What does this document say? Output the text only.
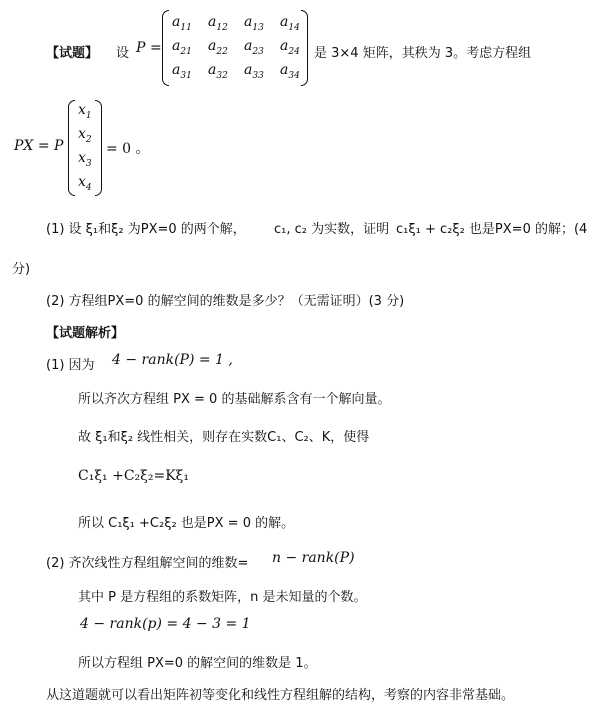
【试题】 设 P =
$a_{11}$	$a_{12}$	$a_{13}$	$a_{14}$
$a_{21}$	$a_{22}$	$a_{23}$	$a_{24}$
$a_{31}$	$a_{32}$	$a_{33}$	$a_{34}$
是 3×4 矩阵，其秩为 3。考虑方程组
PX = P
$x_1$
$x_2$
$x_3$
$x_4$
= 0 。
(1) 设 ξ₁和ξ₂ 为PX=0 的两个解， c₁, c₂ 为实数，证明 c₁ξ₁ + c₂ξ₂ 也是PX=0 的解；(4
分)
(2) 方程组PX=0 的解空间的维数是多少？（无需证明）(3 分)
【试题解析】
(1) 因为 4 − rank(P) = 1 ,
所以齐次方程组 PX = 0 的基础解系含有一个解向量。
故 ξ₁和ξ₂ 线性相关，则存在实数C₁、C₂、K，使得
C₁ξ₁ +C₂ξ₂=Kξ₁
所以 C₁ξ₁ +C₂ξ₂ 也是PX = 0 的解。
(2) 齐次线性方程组解空间的维数= n − rank(P)
其中 P 是方程组的系数矩阵，n 是未知量的个数。
4 − rank(p) = 4 − 3 = 1
所以方程组 PX=0 的解空间的维数是 1。
从这道题就可以看出矩阵初等变化和线性方程组解的结构，考察的内容非常基础。
